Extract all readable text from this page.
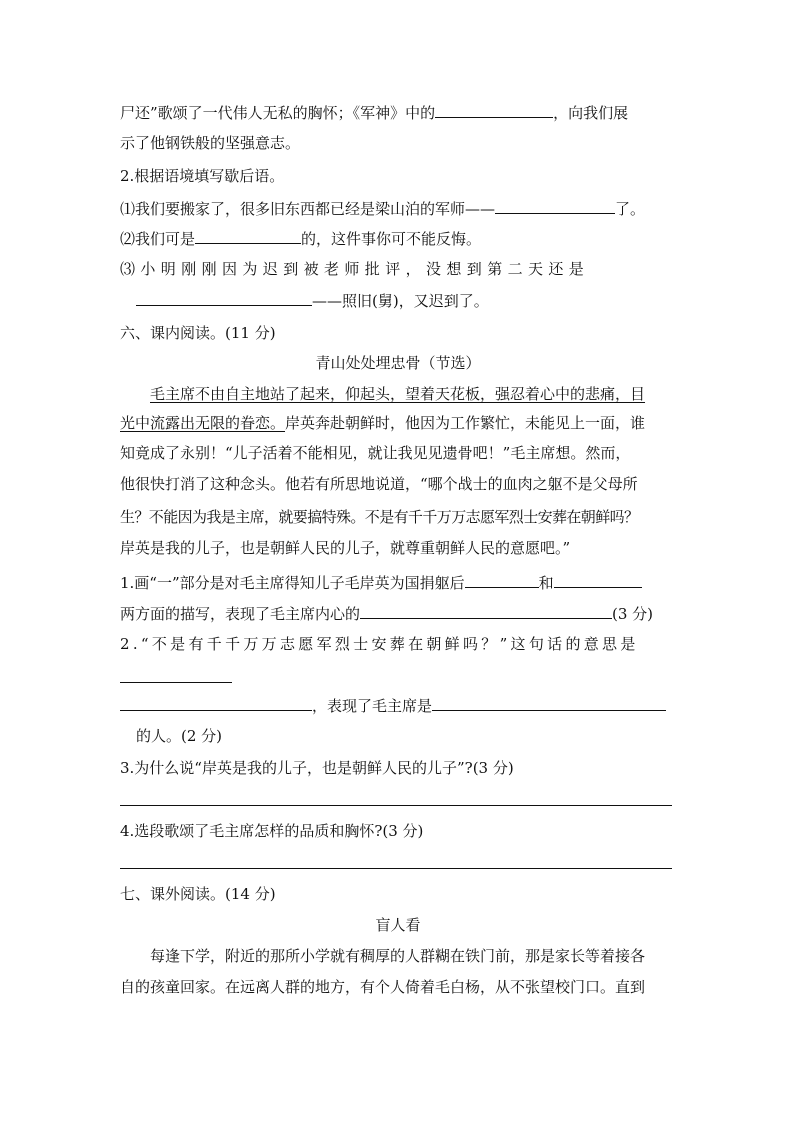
尸还”歌颂了一代伟人无私的胸怀；《军神》中的	，向我们展
示了他钢铁般的坚强意志。
2.根据语境填写歇后语。
⑴我们要搬家了，很多旧东西都已经是梁山泊的军师——	了。
⑵我们可是	的，这件事你可不能反悔。
⑶小明刚刚因为迟到被老师批评，没想到第二天还是
——照旧(舅)，又迟到了。
六、课内阅读。(11 分)
青山处处埋忠骨（节选）
毛主席不由自主地站了起来，仰起头，望着天花板，强忍着心中的悲痛，目
光中流露出无限的眷恋。岸英奔赴朝鲜时，他因为工作繁忙，未能见上一面，谁
知竟成了永别！“儿子活着不能相见，就让我见见遗骨吧！”毛主席想。然而，
他很快打消了这种念头。他若有所思地说道，“哪个战士的血肉之躯不是父母所
生？不能因为我是主席，就要搞特殊。不是有千千万万志愿军烈士安葬在朝鲜吗？
岸英是我的儿子，也是朝鲜人民的儿子，就尊重朝鲜人民的意愿吧。”
1.画“一”部分是对毛主席得知儿子毛岸英为国捐躯后	和
两方面的描写，表现了毛主席内心的	(3 分)
2.“不是有千千万万志愿军烈士安葬在朝鲜吗？”这句话的意思是
，表现了毛主席是
的人。(2 分)
3.为什么说“岸英是我的儿子，也是朝鲜人民的儿子”?(3 分)
4.选段歌颂了毛主席怎样的品质和胸怀?(3 分)
七、课外阅读。(14 分)
盲人看
每逢下学，附近的那所小学就有稠厚的人群糊在铁门前，那是家长等着接各
自的孩童回家。在远离人群的地方，有个人倚着毛白杨，从不张望校门口。直到
